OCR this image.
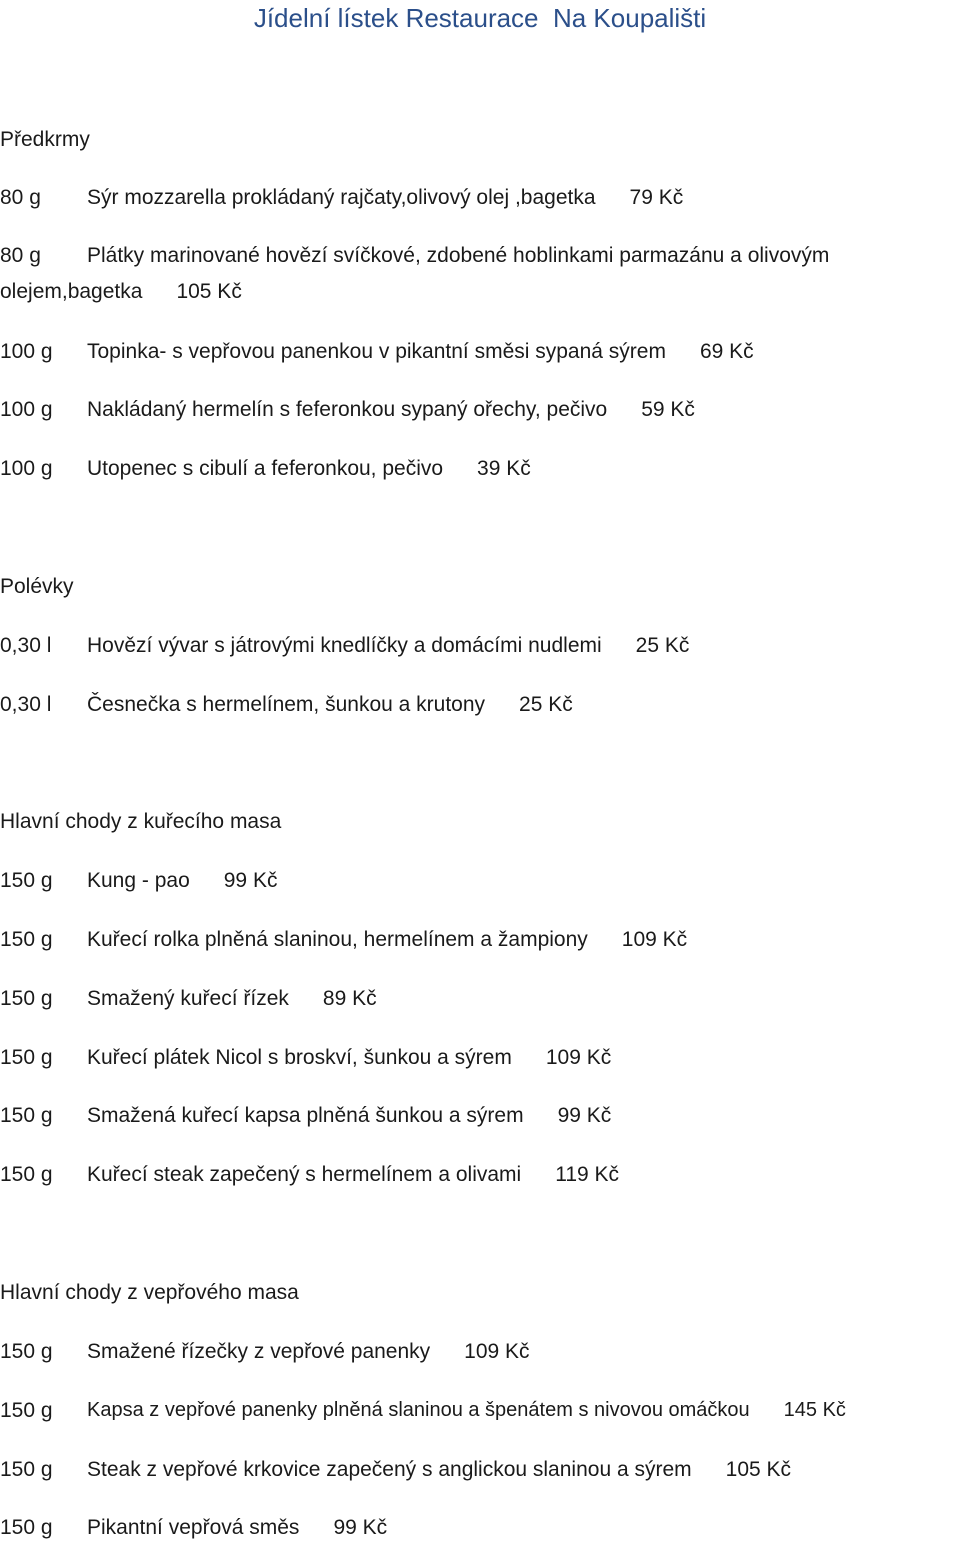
Jídelní lístek Restaurace  Na Koupališti
Předkrmy
80 g Sýr mozzarella prokládaný rajčaty,olivový olej ,bagetka 79 Kč
80 g Plátky marinované hovězí svíčkové, zdobené hoblinkami parmazánu a olivovým olejem,bagetka 105 Kč
100 g Topinka- s vepřovou panenkou v pikantní směsi sypaná sýrem 69 Kč
100 g Nakládaný hermelín s feferonkou sypaný ořechy, pečivo 59 Kč
100 g Utopenec s cibulí a feferonkou, pečivo 39 Kč
Polévky
0,30 l Hovězí vývar s játrovými knedlíčky a domácími nudlemi 25 Kč
0,30 l Česnečka s hermelínem, šunkou a krutony 25 Kč
Hlavní chody z kuřecího masa
150 g Kung - pao 99 Kč
150 g Kuřecí rolka plněná slaninou, hermelínem a žampiony 109 Kč
150 g Smažený kuřecí řízek 89 Kč
150 g Kuřecí plátek Nicol s broskví, šunkou a sýrem 109 Kč
150 g Smažená kuřecí kapsa plněná šunkou a sýrem 99 Kč
150 g Kuřecí steak zapečený s hermelínem a olivami 119 Kč
Hlavní chody z vepřového masa
150 g Smažené řízečky z vepřové panenky 109 Kč
150 g Kapsa z vepřové panenky plněná slaninou a špenátem s nivovou omáčkou 145 Kč
150 g Steak z vepřové krkovice zapečený s anglickou slaninou a sýrem 105 Kč
150 g Pikantní vepřová směs 99 Kč
